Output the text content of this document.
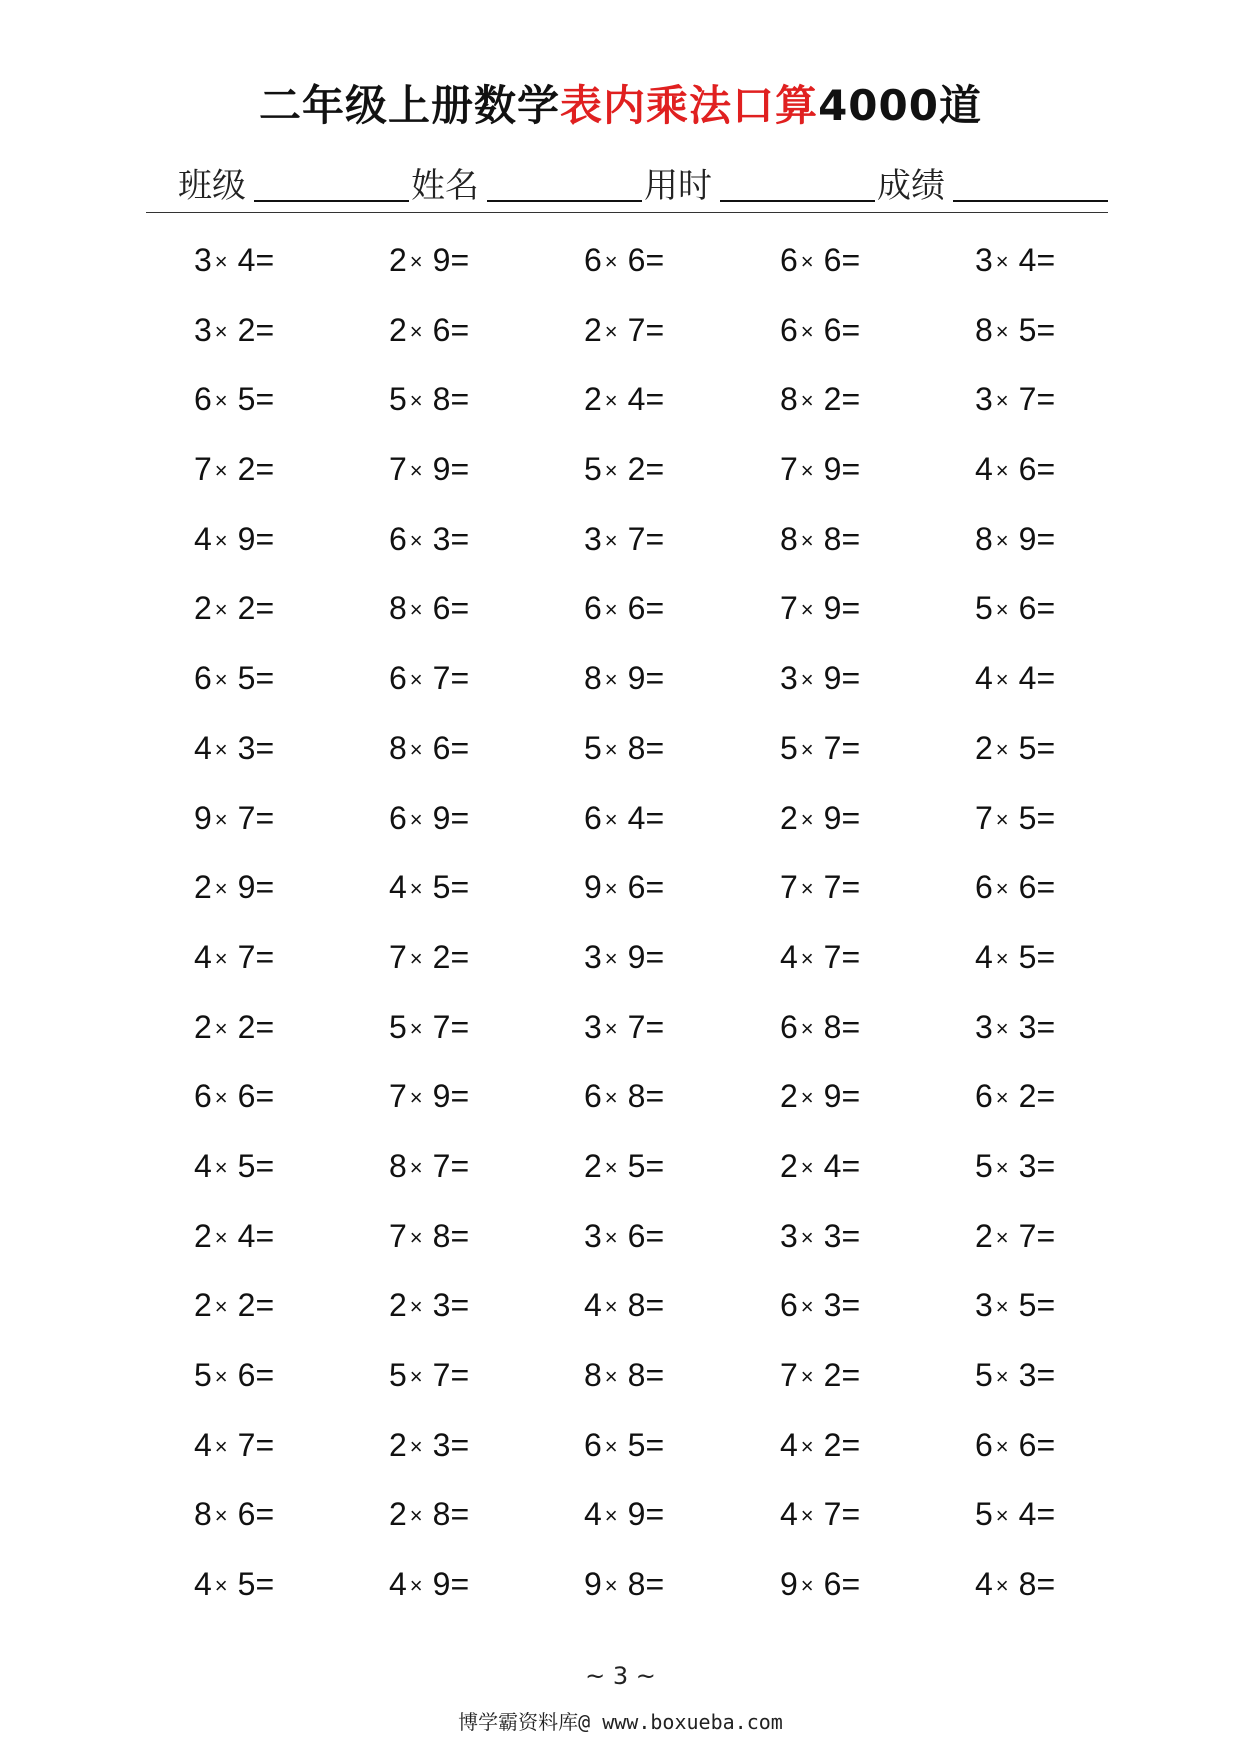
二年级上册数学表内乘法口算4000道
班级	姓名	用时	成绩
3 × 4=	2 × 9=	6 × 6=	6 × 6=	3 × 4=
3 × 2=	2 × 6=	2 × 7=	6 × 6=	8 × 5=
6 × 5=	5 × 8=	2 × 4=	8 × 2=	3 × 7=
7 × 2=	7 × 9=	5 × 2=	7 × 9=	4 × 6=
4 × 9=	6 × 3=	3 × 7=	8 × 8=	8 × 9=
2 × 2=	8 × 6=	6 × 6=	7 × 9=	5 × 6=
6 × 5=	6 × 7=	8 × 9=	3 × 9=	4 × 4=
4 × 3=	8 × 6=	5 × 8=	5 × 7=	2 × 5=
9 × 7=	6 × 9=	6 × 4=	2 × 9=	7 × 5=
2 × 9=	4 × 5=	9 × 6=	7 × 7=	6 × 6=
4 × 7=	7 × 2=	3 × 9=	4 × 7=	4 × 5=
2 × 2=	5 × 7=	3 × 7=	6 × 8=	3 × 3=
6 × 6=	7 × 9=	6 × 8=	2 × 9=	6 × 2=
4 × 5=	8 × 7=	2 × 5=	2 × 4=	5 × 3=
2 × 4=	7 × 8=	3 × 6=	3 × 3=	2 × 7=
2 × 2=	2 × 3=	4 × 8=	6 × 3=	3 × 5=
5 × 6=	5 × 7=	8 × 8=	7 × 2=	5 × 3=
4 × 7=	2 × 3=	6 × 5=	4 × 2=	6 × 6=
8 × 6=	2 × 8=	4 × 9=	4 × 7=	5 × 4=
4 × 5=	4 × 9=	9 × 8=	9 × 6=	4 × 8=
~ 3 ~
博学霸资料库@ www.boxueba.com
